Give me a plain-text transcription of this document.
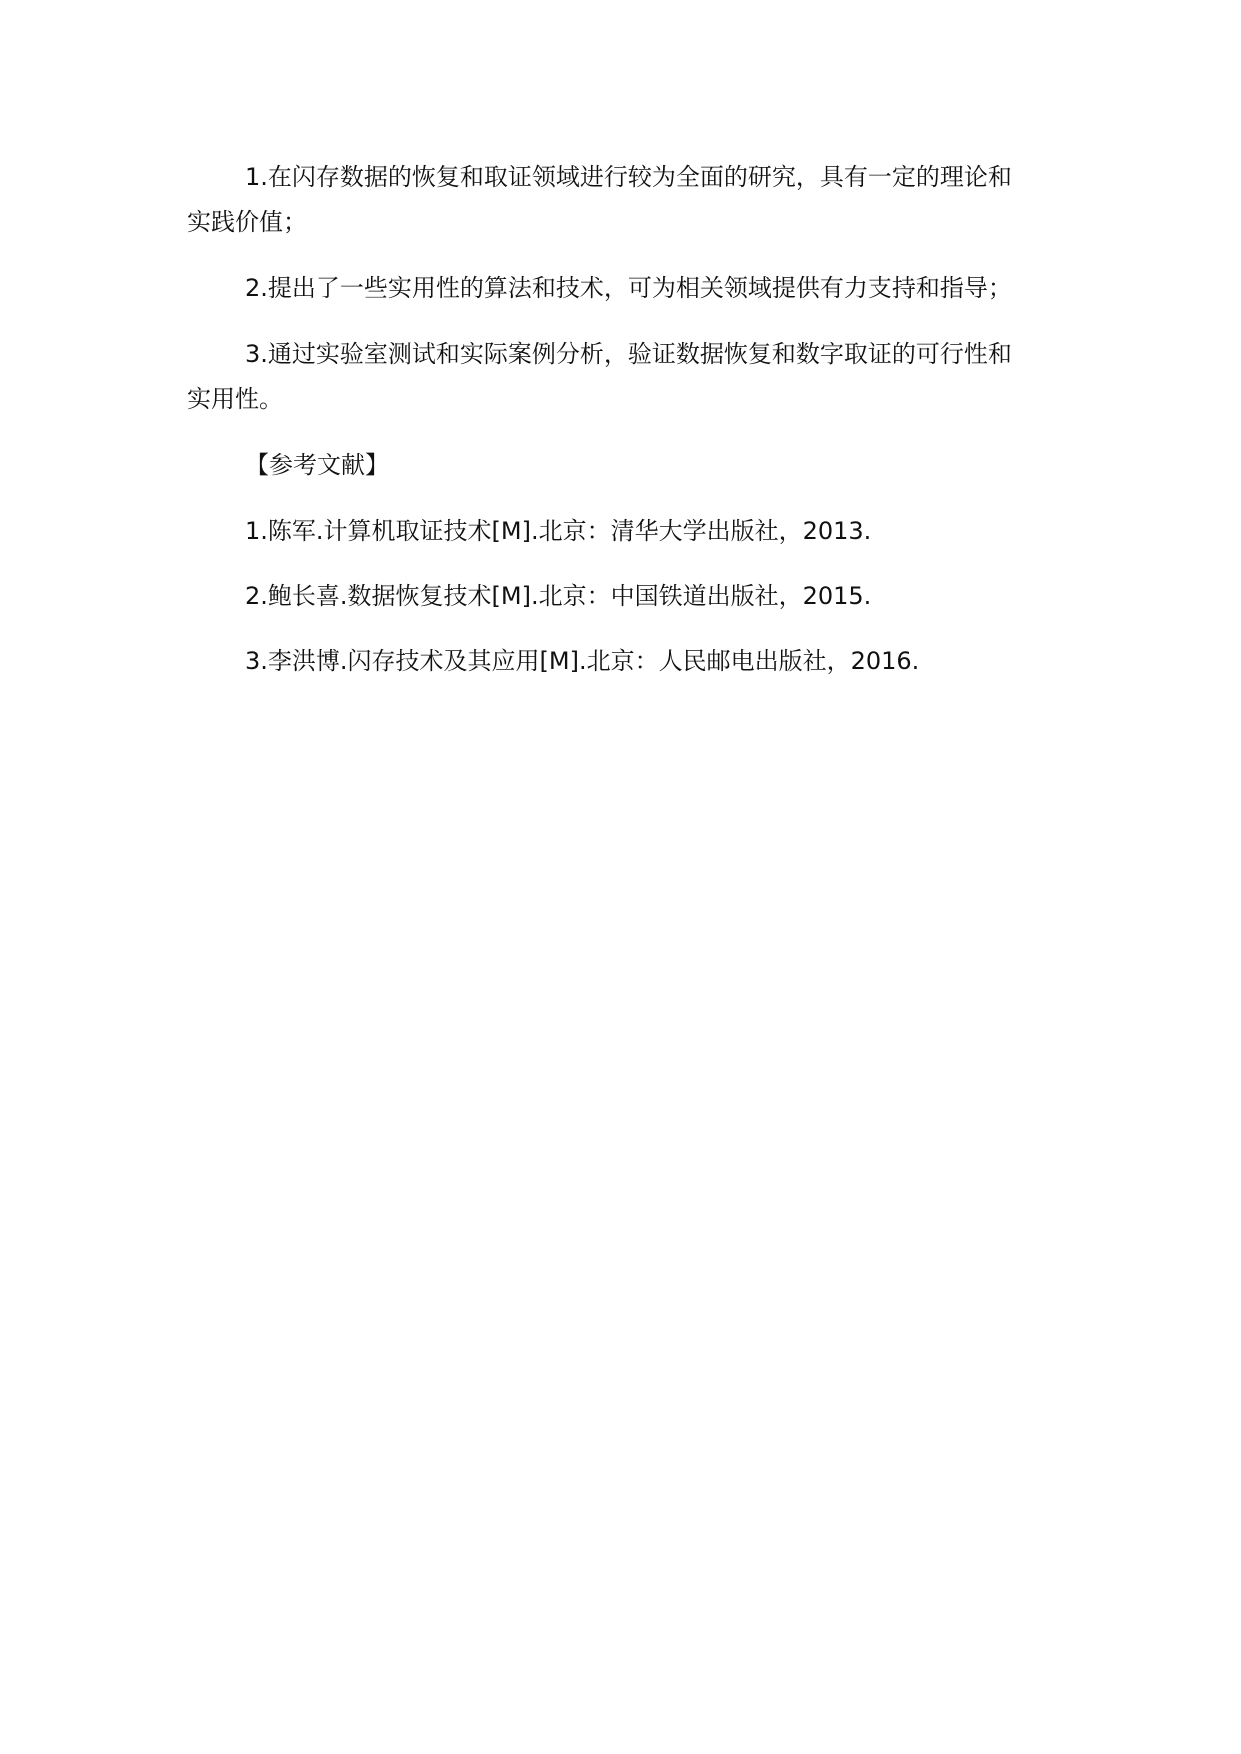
1.在闪存数据的恢复和取证领域进行较为全面的研究，具有一定的理论和实践价值；

2.提出了一些实用性的算法和技术，可为相关领域提供有力支持和指导；

3.通过实验室测试和实际案例分析，验证数据恢复和数字取证的可行性和实用性。

【参考文献】

1.陈军.计算机取证技术[M].北京：清华大学出版社，2013.

2.鲍长喜.数据恢复技术[M].北京：中国铁道出版社，2015.

3.李洪博.闪存技术及其应用[M].北京：人民邮电出版社，2016.
